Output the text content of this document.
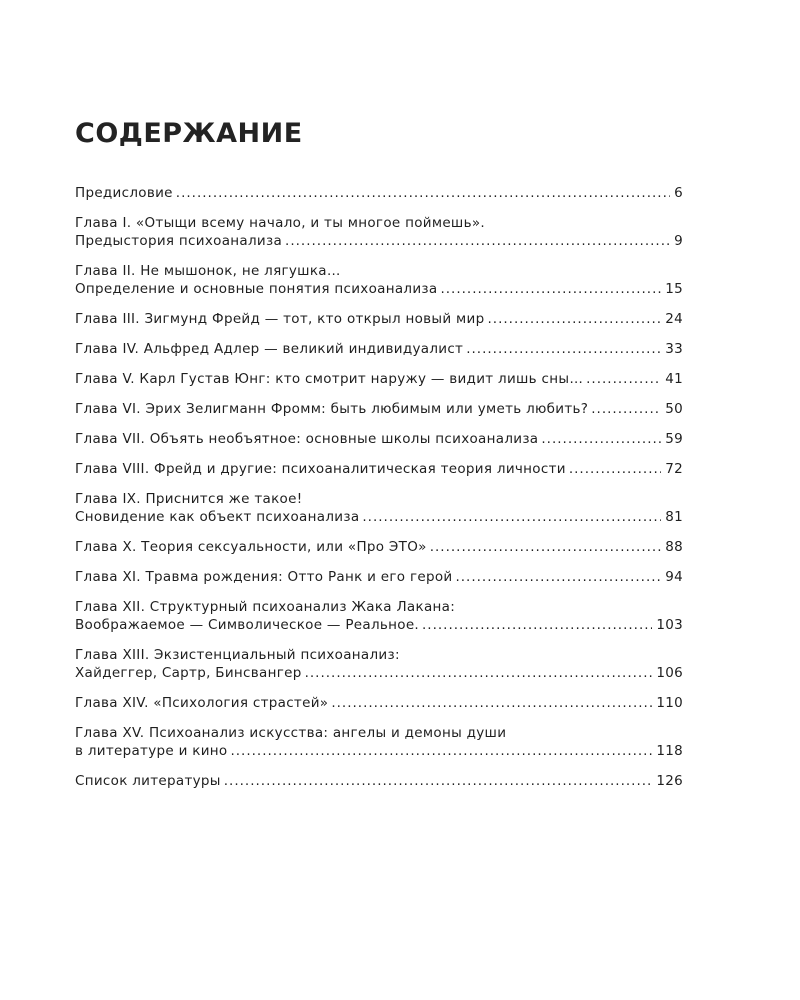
СОДЕРЖАНИЕ
Предисловие .....	6
Глава I. «Отыщи всему начало, и ты многое поймешь».
Предыстория психоанализа .....	9
Глава II. Не мышонок, не лягушка…
Определение и основные понятия психоанализа .....	15
Глава III. Зигмунд Фрейд — тот, кто открыл новый мир .....	24
Глава IV. Альфред Адлер — великий индивидуалист .....	33
Глава V. Карл Густав Юнг: кто смотрит наружу — видит лишь сны… .....	41
Глава VI. Эрих Зелигманн Фромм: быть любимым или уметь любить? .....	50
Глава VII. Объять необъятное: основные школы психоанализа .....	59
Глава VIII. Фрейд и другие: психоаналитическая теория личности .....	72
Глава IX. Приснится же такое!
Сновидение как объект психоанализа .....	81
Глава X. Теория сексуальности, или «Про ЭТО» .....	88
Глава XI. Травма рождения: Отто Ранк и его герой .....	94
Глава XII. Структурный психоанализ Жака Лакана:
Воображаемое — Символическое — Реальное. .....	103
Глава XIII. Экзистенциальный психоанализ:
Хайдеггер, Сартр, Бинсвангер .....	106
Глава XIV. «Психология страстей» .....	110
Глава XV. Психоанализ искусства: ангелы и демоны души
в литературе и кино .....	118
Список литературы .....	126
